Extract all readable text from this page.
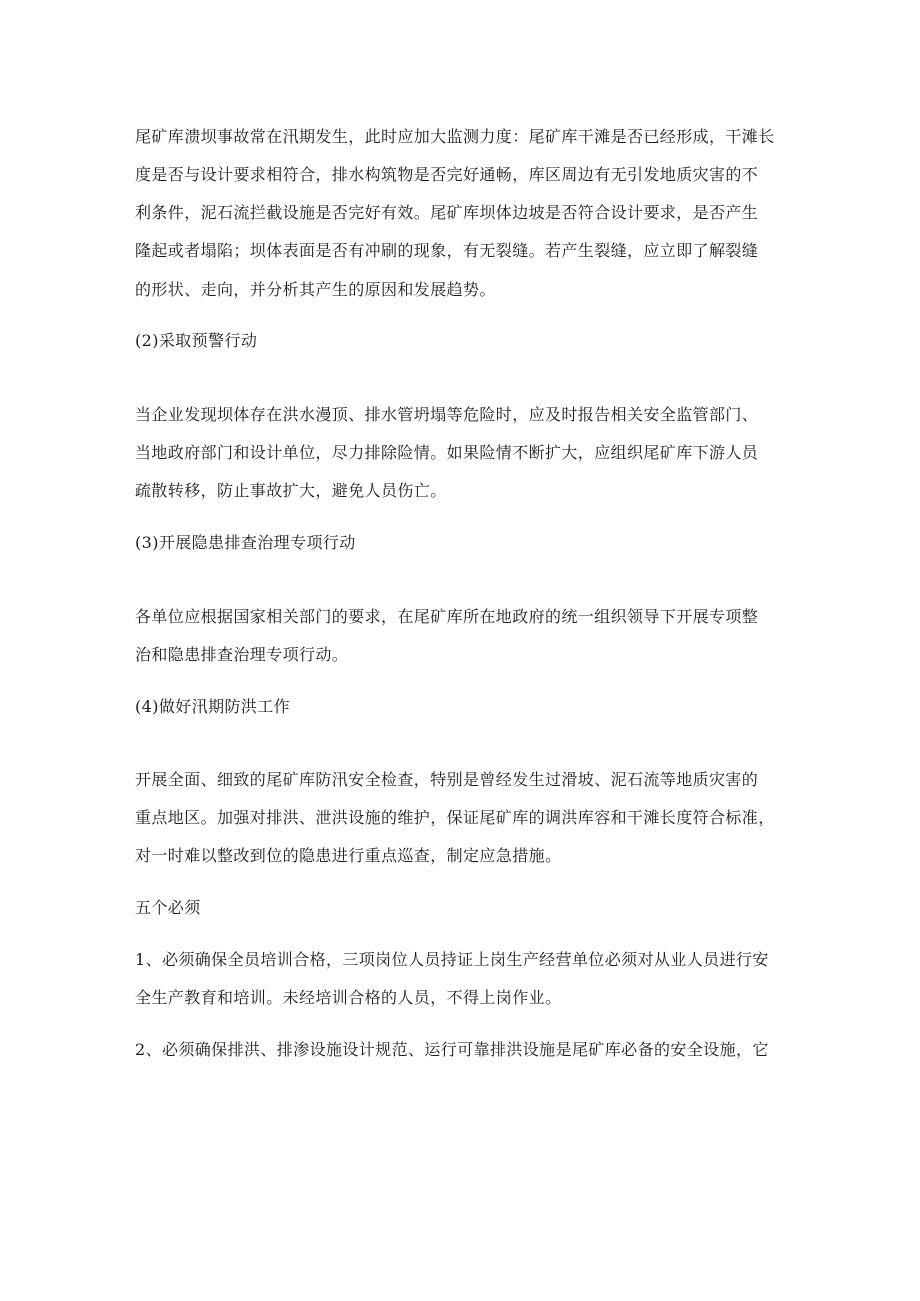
尾矿库溃坝事故常在汛期发生，此时应加大监测力度：尾矿库干滩是否已经形成，干滩长
度是否与设计要求相符合，排水构筑物是否完好通畅，库区周边有无引发地质灾害的不
利条件，泥石流拦截设施是否完好有效。尾矿库坝体边坡是否符合设计要求，是否产生
隆起或者塌陷；坝体表面是否有冲刷的现象，有无裂缝。若产生裂缝，应立即了解裂缝
的形状、走向，并分析其产生的原因和发展趋势。
(2)采取预警行动
当企业发现坝体存在洪水漫顶、排水管坍塌等危险时，应及时报告相关安全监管部门、
当地政府部门和设计单位，尽力排除险情。如果险情不断扩大，应组织尾矿库下游人员
疏散转移，防止事故扩大，避免人员伤亡。
(3)开展隐患排查治理专项行动
各单位应根据国家相关部门的要求，在尾矿库所在地政府的统一组织领导下开展专项整
治和隐患排查治理专项行动。
(4)做好汛期防洪工作
开展全面、细致的尾矿库防汛安全检查，特别是曾经发生过滑坡、泥石流等地质灾害的
重点地区。加强对排洪、泄洪设施的维护，保证尾矿库的调洪库容和干滩长度符合标准，
对一时难以整改到位的隐患进行重点巡查，制定应急措施。
五个必须
1、必须确保全员培训合格，三项岗位人员持证上岗生产经营单位必须对从业人员进行安
全生产教育和培训。未经培训合格的人员，不得上岗作业。
2、必须确保排洪、排渗设施设计规范、运行可靠排洪设施是尾矿库必备的安全设施，它
